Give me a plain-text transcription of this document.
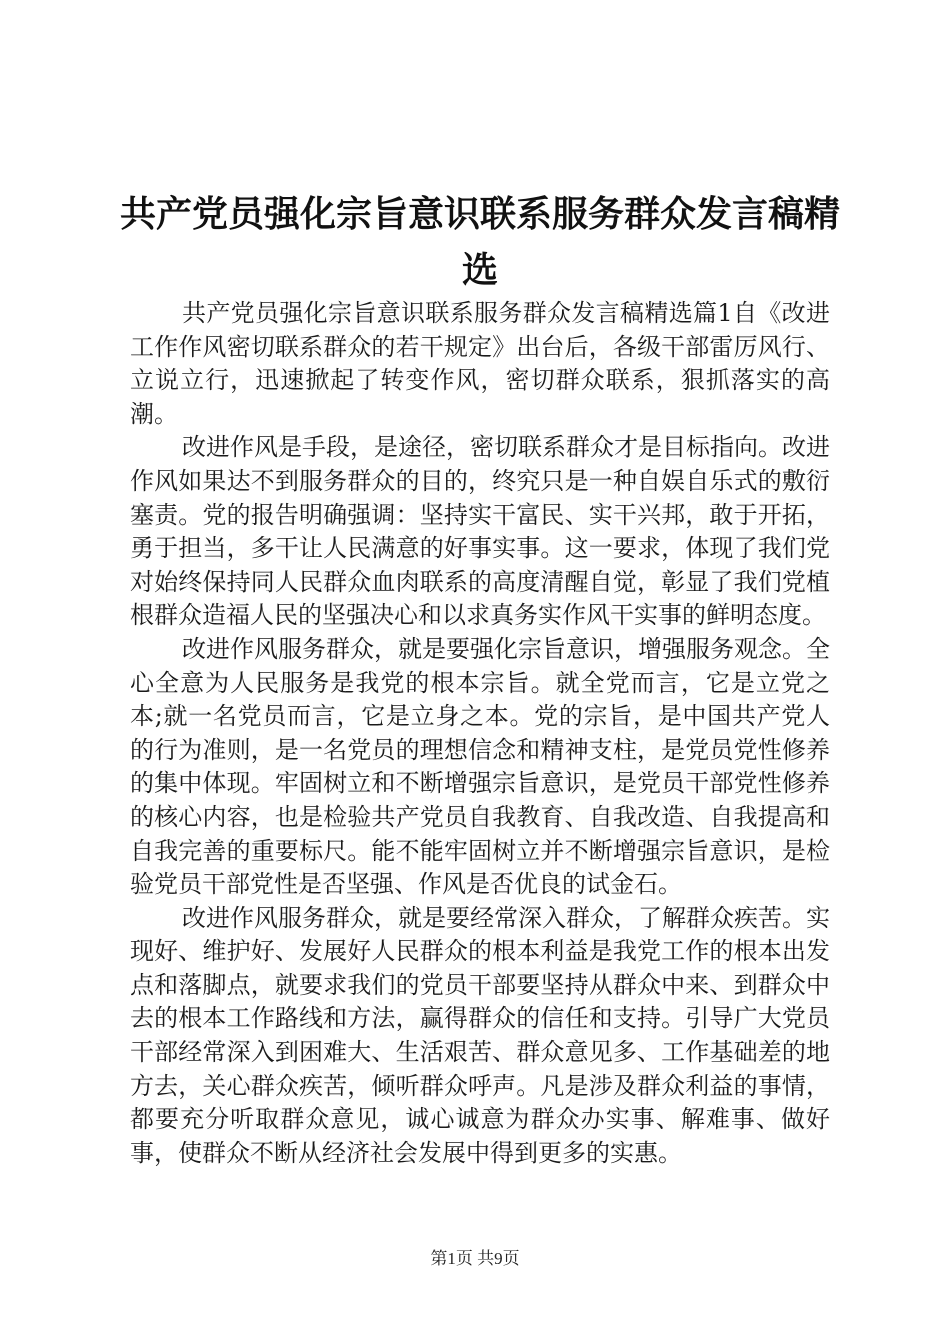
共产党员强化宗旨意识联系服务群众发言稿精选

共产党员强化宗旨意识联系服务群众发言稿精选篇1自《改进工作作风密切联系群众的若干规定》出台后，各级干部雷厉风行、立说立行，迅速掀起了转变作风，密切群众联系，狠抓落实的高潮。

改进作风是手段，是途径，密切联系群众才是目标指向。改进作风如果达不到服务群众的目的，终究只是一种自娱自乐式的敷衍塞责。党的报告明确强调：坚持实干富民、实干兴邦，敢于开拓，勇于担当，多干让人民满意的好事实事。这一要求，体现了我们党对始终保持同人民群众血肉联系的高度清醒自觉，彰显了我们党植根群众造福人民的坚强决心和以求真务实作风干实事的鲜明态度。

改进作风服务群众，就是要强化宗旨意识，增强服务观念。全心全意为人民服务是我党的根本宗旨。就全党而言，它是立党之本;就一名党员而言，它是立身之本。党的宗旨，是中国共产党人的行为准则，是一名党员的理想信念和精神支柱，是党员党性修养的集中体现。牢固树立和不断增强宗旨意识，是党员干部党性修养的核心内容，也是检验共产党员自我教育、自我改造、自我提高和自我完善的重要标尺。能不能牢固树立并不断增强宗旨意识，是检验党员干部党性是否坚强、作风是否优良的试金石。

改进作风服务群众，就是要经常深入群众，了解群众疾苦。实现好、维护好、发展好人民群众的根本利益是我党工作的根本出发点和落脚点，就要求我们的党员干部要坚持从群众中来、到群众中去的根本工作路线和方法，赢得群众的信任和支持。引导广大党员干部经常深入到困难大、生活艰苦、群众意见多、工作基础差的地方去，关心群众疾苦，倾听群众呼声。凡是涉及群众利益的事情，都要充分听取群众意见，诚心诚意为群众办实事、解难事、做好事，使群众不断从经济社会发展中得到更多的实惠。

第1页 共9页
